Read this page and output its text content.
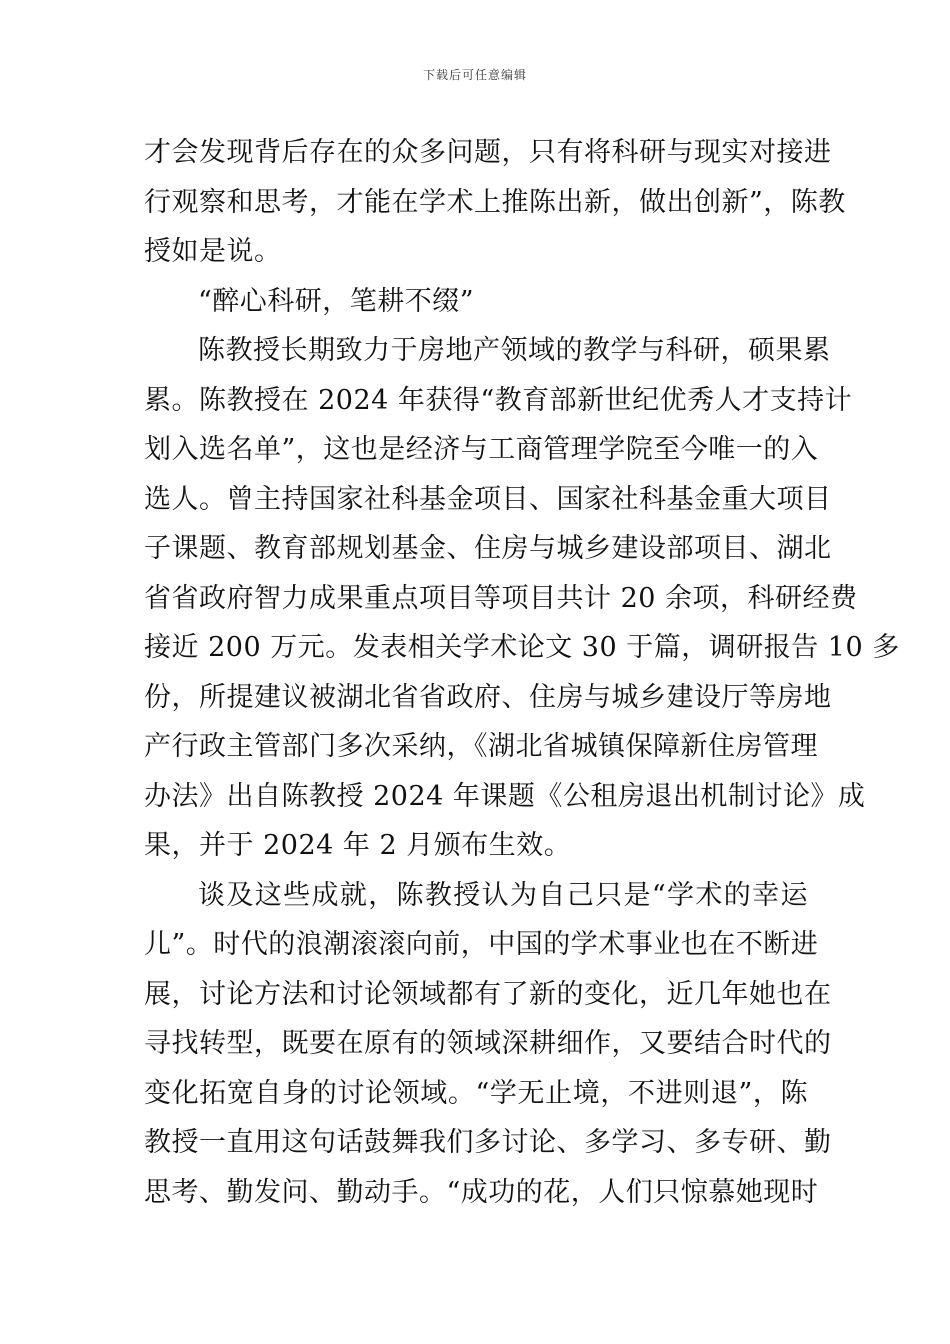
下载后可任意编辑
才会发现背后存在的众多问题，只有将科研与现实对接进
行观察和思考，才能在学术上推陈出新，做出创新”，陈教
授如是说。
“醉心科研，笔耕不缀”
陈教授长期致力于房地产领域的教学与科研，硕果累
累。陈教授在 2024 年获得“教育部新世纪优秀人才支持计
划入选名单”，这也是经济与工商管理学院至今唯一的入
选人。曾主持国家社科基金项目、国家社科基金重大项目
子课题、教育部规划基金、住房与城乡建设部项目、湖北
省省政府智力成果重点项目等项目共计 20 余项，科研经费
接近 200 万元。发表相关学术论文 30 于篇，调研报告 10 多
份，所提建议被湖北省省政府、住房与城乡建设厅等房地
产行政主管部门多次采纳，《湖北省城镇保障新住房管理
办法》出自陈教授 2024 年课题《公租房退出机制讨论》成
果，并于 2024 年 2 月颁布生效。
谈及这些成就，陈教授认为自己只是“学术的幸运
儿”。时代的浪潮滚滚向前，中国的学术事业也在不断进
展，讨论方法和讨论领域都有了新的变化，近几年她也在
寻找转型，既要在原有的领域深耕细作，又要结合时代的
变化拓宽自身的讨论领域。“学无止境，不进则退”，陈
教授一直用这句话鼓舞我们多讨论、多学习、多专研、勤
思考、勤发问、勤动手。“成功的花，人们只惊慕她现时
